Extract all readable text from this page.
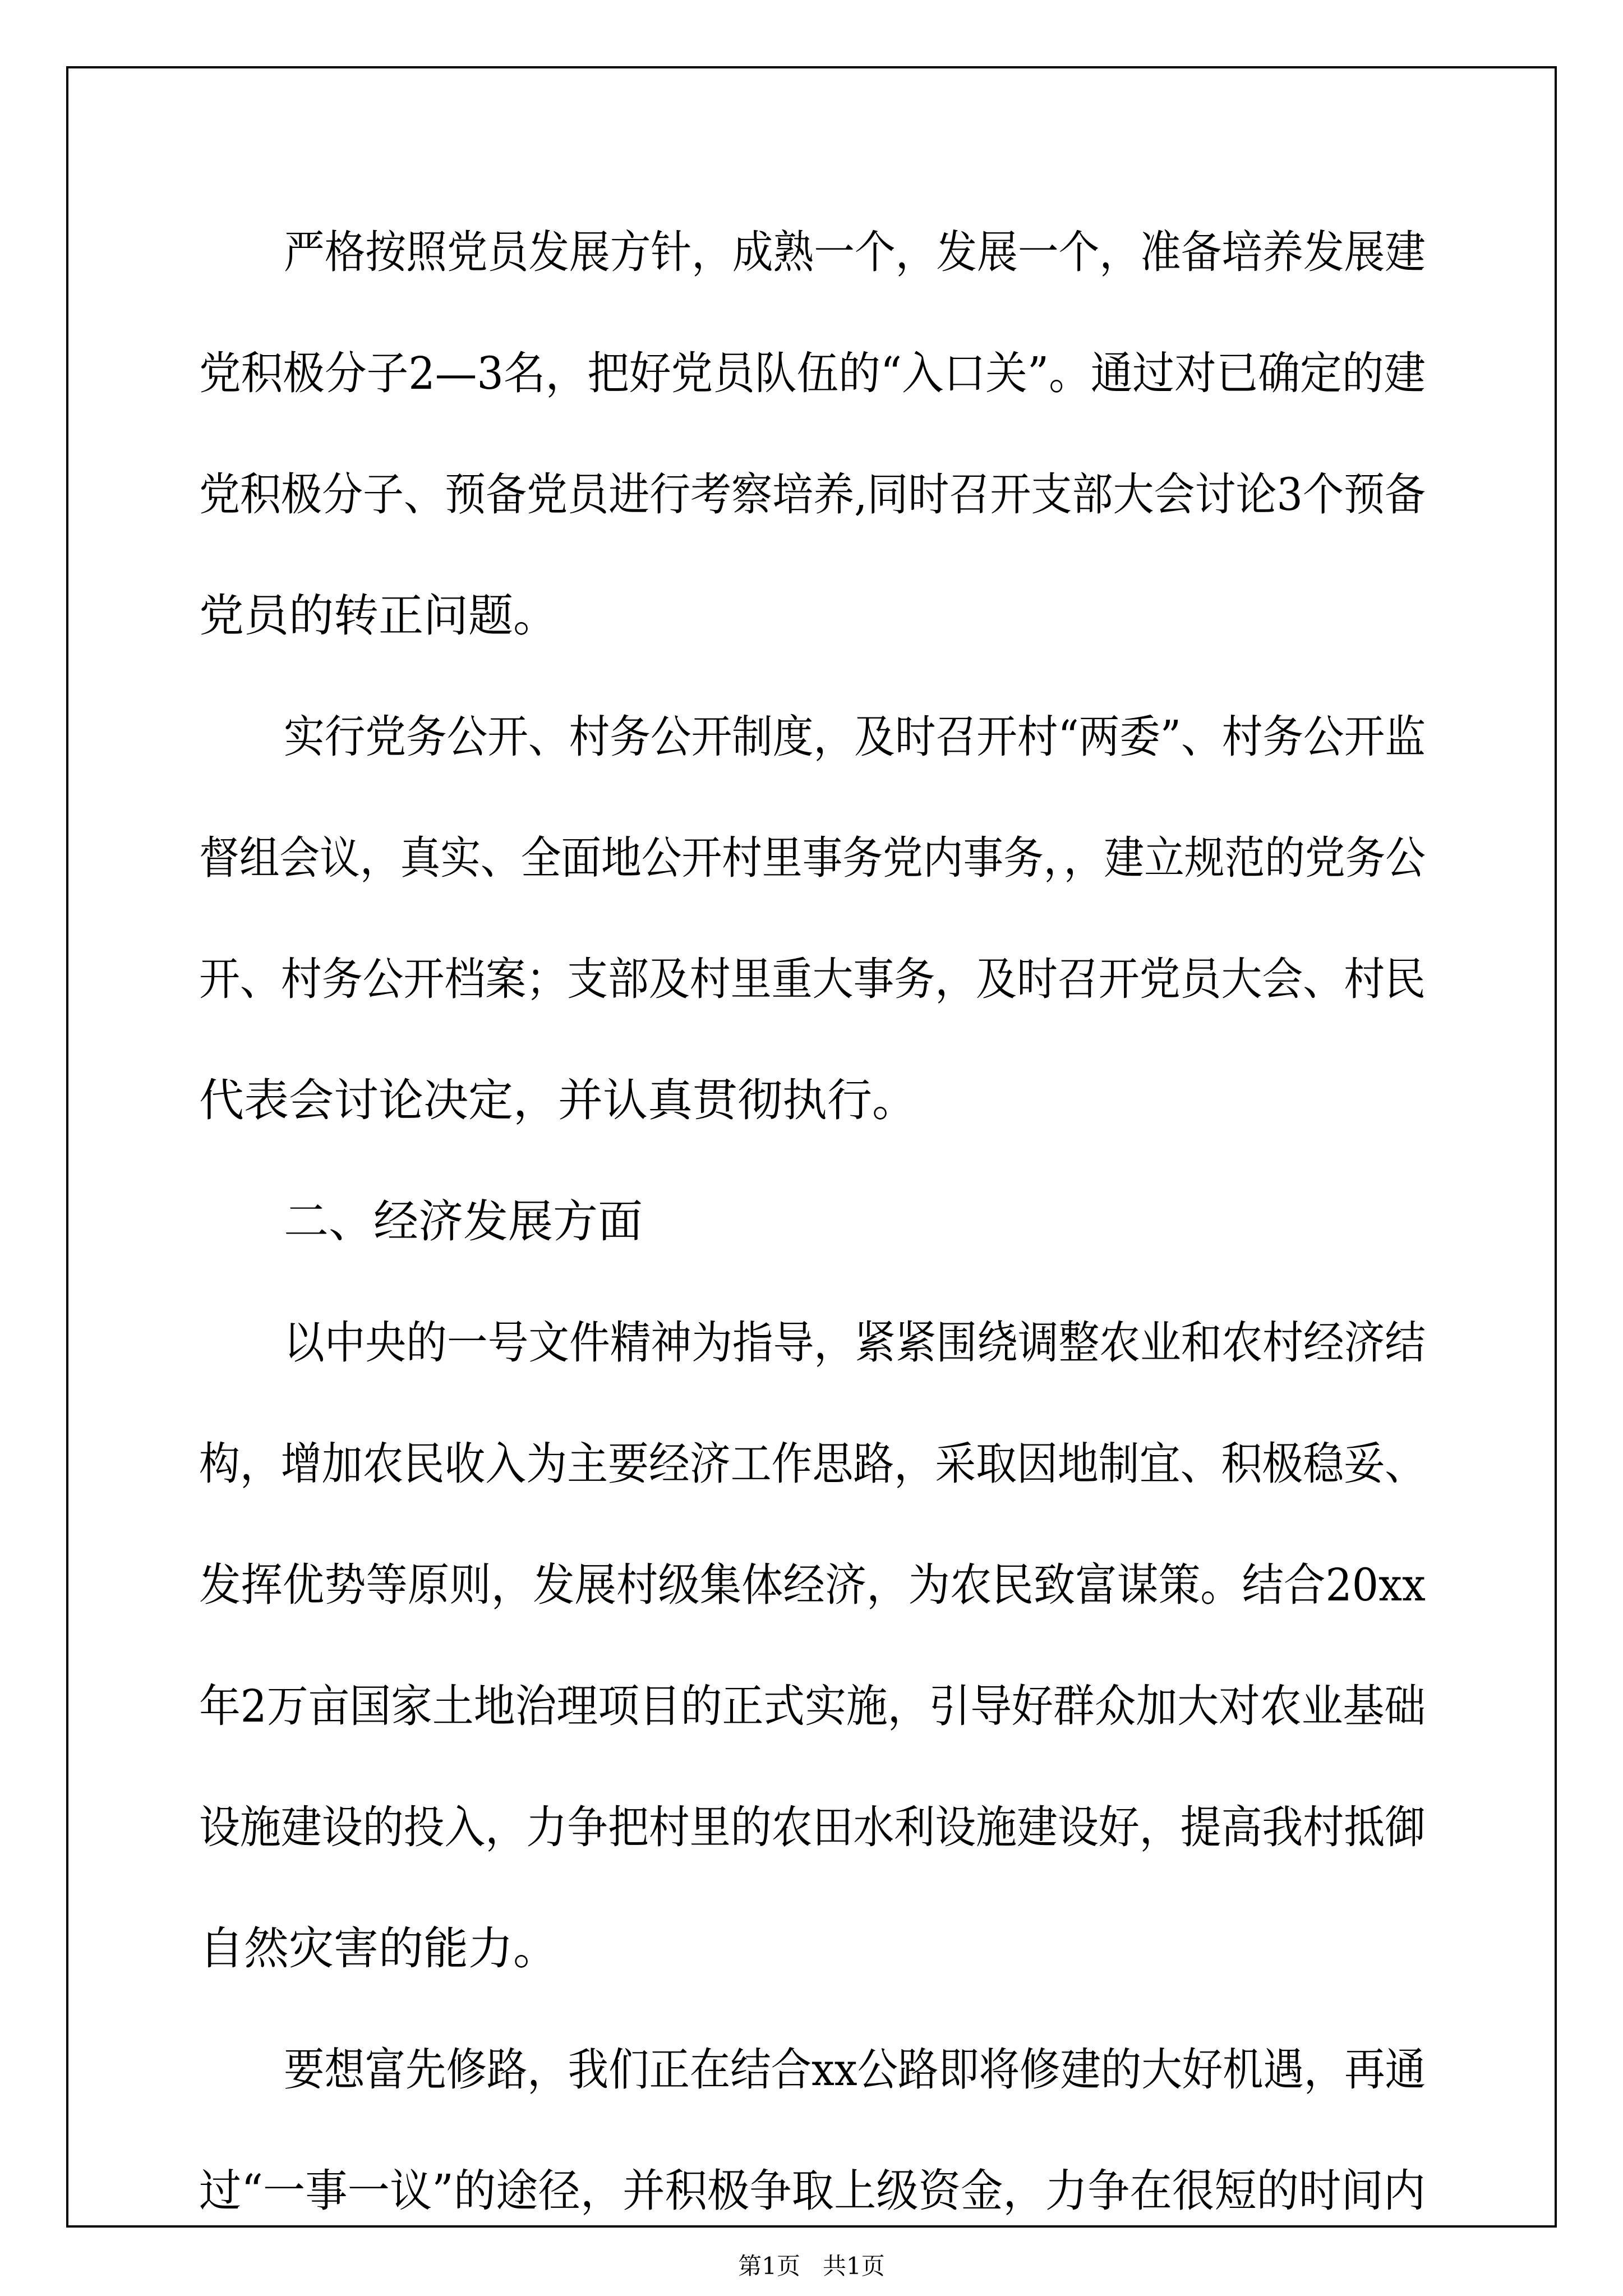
严格按照党员发展方针，成熟一个，发展一个，准备培养发展建
党积极分子2—3名，把好党员队伍的“入口关”。通过对已确定的建
党积极分子、预备党员进行考察培养,同时召开支部大会讨论3个预备
党员的转正问题。
实行党务公开、村务公开制度，及时召开村“两委”、村务公开监
督组会议，真实、全面地公开村里事务党内事务，，建立规范的党务公
开、村务公开档案；支部及村里重大事务，及时召开党员大会、村民
代表会讨论决定，并认真贯彻执行。
二、经济发展方面
以中央的一号文件精神为指导，紧紧围绕调整农业和农村经济结
构，增加农民收入为主要经济工作思路，采取因地制宜、积极稳妥、
发挥优势等原则，发展村级集体经济，为农民致富谋策。结合20xx
年2万亩国家土地治理项目的正式实施，引导好群众加大对农业基础
设施建设的投入，力争把村里的农田水利设施建设好，提高我村抵御
自然灾害的能力。
要想富先修路，我们正在结合xx公路即将修建的大好机遇，再通
过“一事一议”的途径，并积极争取上级资金，力争在很短的时间内
第1页   共1页
